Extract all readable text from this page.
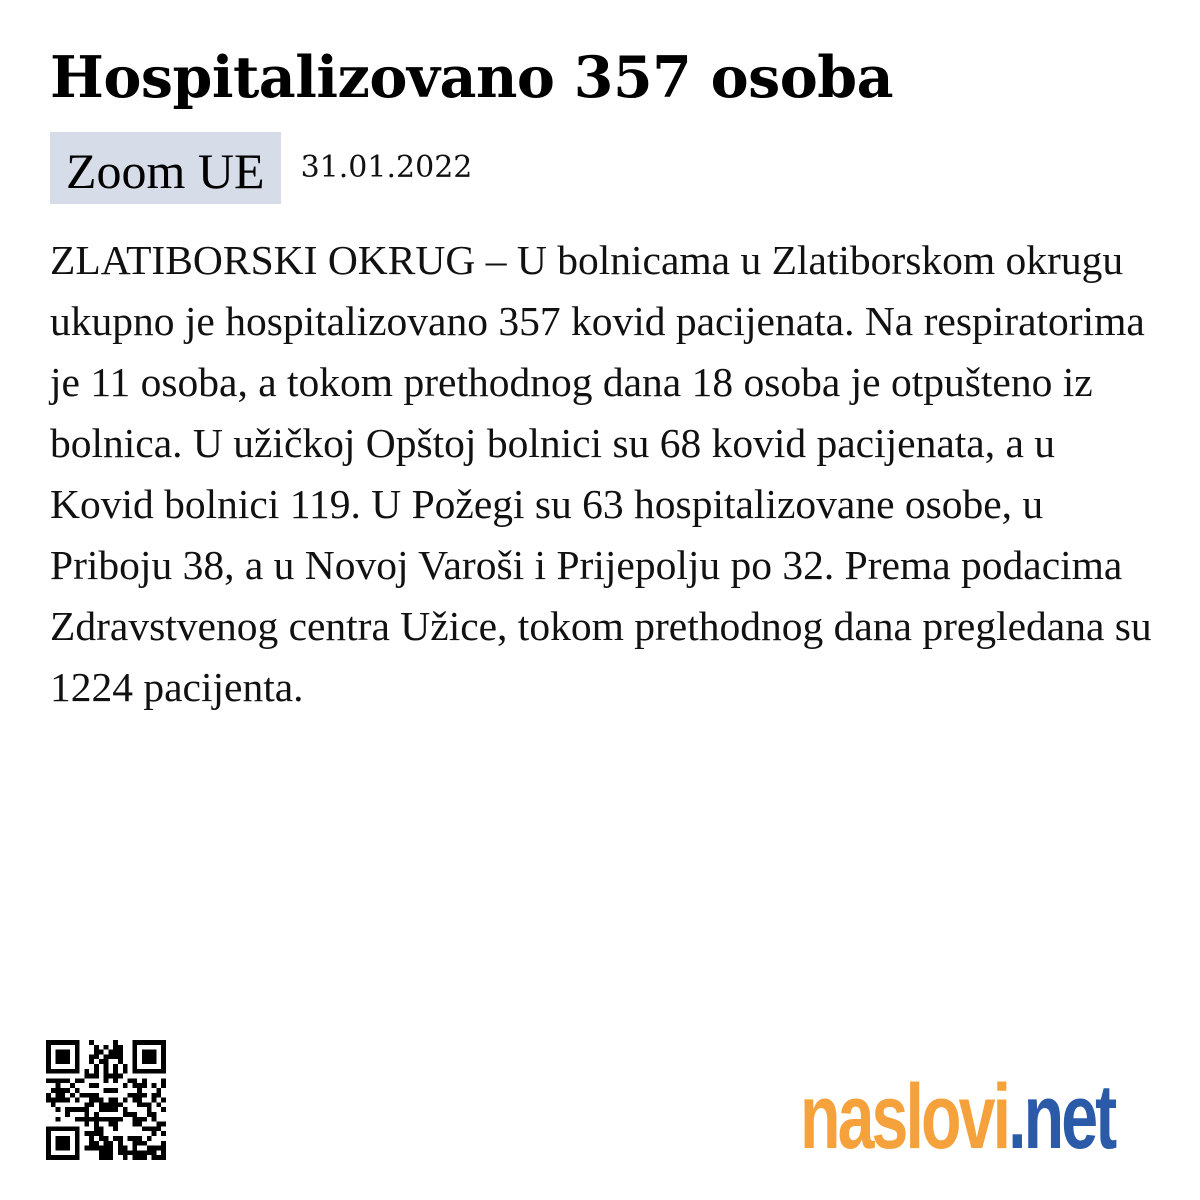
Hospitalizovano 357 osoba
Zoom UE	31.01.2022

ZLATIBORSKI OKRUG – U bolnicama u Zlatiborskom okrugu ukupno je hospitalizovano 357 kovid pacijenata. Na respiratorima je 11 osoba, a tokom prethodnog dana 18 osoba je otpušteno iz bolnica. U užičkoj Opštoj bolnici su 68 kovid pacijenata, a u Kovid bolnici 119. U Požegi su 63 hospitalizovane osobe, u Priboju 38, a u Novoj Varoši i Prijepolju po 32. Prema podacima Zdravstvenog centra Užice, tokom prethodnog dana pregledana su 1224 pacijenta.

naslovi.net
